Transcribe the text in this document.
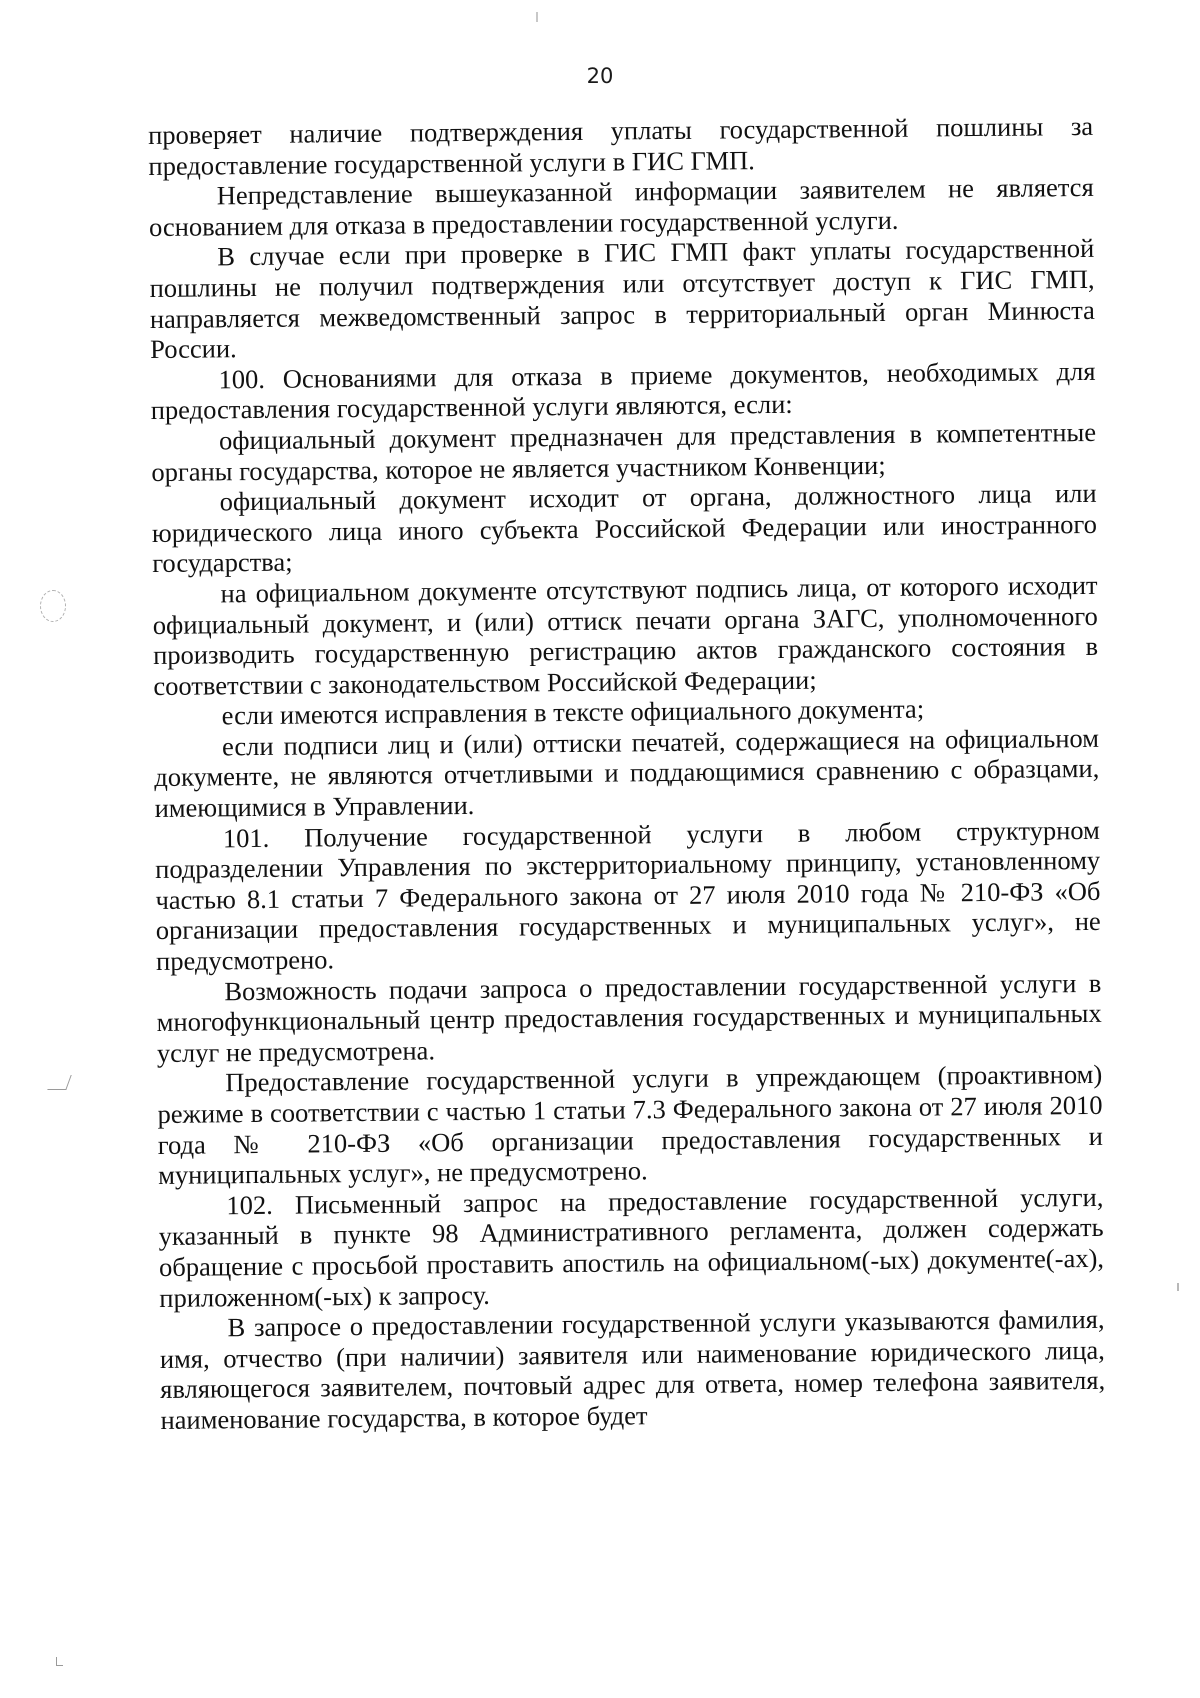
20

проверяет наличие подтверждения уплаты государственной пошлины за предоставление государственной услуги в ГИС ГМП.

Непредставление вышеуказанной информации заявителем не является основанием для отказа в предоставлении государственной услуги.

В случае если при проверке в ГИС ГМП факт уплаты государственной пошлины не получил подтверждения или отсутствует доступ к ГИС ГМП, направляется межведомственный запрос в территориальный орган Минюста России.

100. Основаниями для отказа в приеме документов, необходимых для предоставления государственной услуги являются, если:

официальный документ предназначен для представления в компетентные органы государства, которое не является участником Конвенции;

официальный документ исходит от органа, должностного лица или юридического лица иного субъекта Российской Федерации или иностранного государства;

на официальном документе отсутствуют подпись лица, от которого исходит официальный документ, и (или) оттиск печати органа ЗАГС, уполномоченного производить государственную регистрацию актов гражданского состояния в соответствии с законодательством Российской Федерации;

если имеются исправления в тексте официального документа;

если подписи лиц и (или) оттиски печатей, содержащиеся на официальном документе, не являются отчетливыми и поддающимися сравнению с образцами, имеющимися в Управлении.

101. Получение государственной услуги в любом структурном подразделении Управления по экстерриториальному принципу, установленному частью 8.1 статьи 7 Федерального закона от 27 июля 2010 года № 210-ФЗ «Об организации предоставления государственных и муниципальных услуг», не предусмотрено.

Возможность подачи запроса о предоставлении государственной услуги в многофункциональный центр предоставления государственных и муниципальных услуг не предусмотрена.

Предоставление государственной услуги в упреждающем (проактивном) режиме в соответствии с частью 1 статьи 7.3 Федерального закона от 27 июля 2010 года № 210-ФЗ «Об организации предоставления государственных и муниципальных услуг», не предусмотрено.

102. Письменный запрос на предоставление государственной услуги, указанный в пункте 98 Административного регламента, должен содержать обращение с просьбой проставить апостиль на официальном(-ых) документе(-ах), приложенном(-ых) к запросу.

В запросе о предоставлении государственной услуги указываются фамилия, имя, отчество (при наличии) заявителя или наименование юридического лица, являющегося заявителем, почтовый адрес для ответа, номер телефона заявителя, наименование государства, в которое будет
